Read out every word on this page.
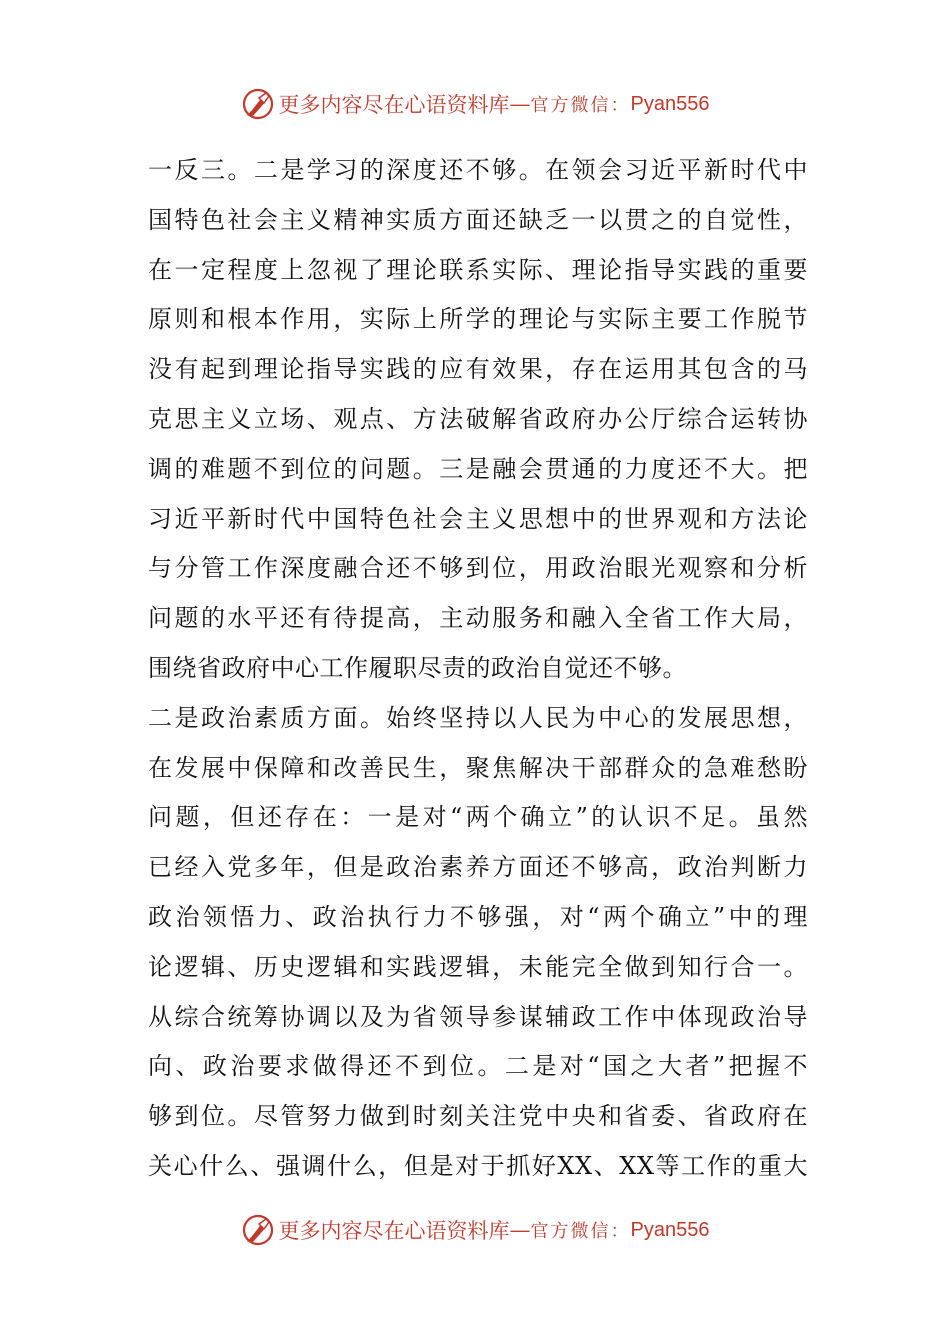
更多内容尽在心语资料库 — 官方微信： Pyan556
一反三。二是学习的深度还不够。在领会习近平新时代中
国特色社会主义精神实质方面还缺乏一以贯之的自觉性，
在一定程度上忽视了理论联系实际、理论指导实践的重要
原则和根本作用，实际上所学的理论与实际主要工作脱节
没有起到理论指导实践的应有效果，存在运用其包含的马
克思主义立场、观点、方法破解省政府办公厅综合运转协
调的难题不到位的问题。三是融会贯通的力度还不大。把
习近平新时代中国特色社会主义思想中的世界观和方法论
与分管工作深度融合还不够到位，用政治眼光观察和分析
问题的水平还有待提高，主动服务和融入全省工作大局，
围绕省政府中心工作履职尽责的政治自觉还不够。
二是政治素质方面。始终坚持以人民为中心的发展思想，
在发展中保障和改善民生，聚焦解决干部群众的急难愁盼
问题，但还存在：一是对“两个确立”的认识不足。虽然
已经入党多年，但是政治素养方面还不够高，政治判断力
政治领悟力、政治执行力不够强，对“两个确立”中的理
论逻辑、历史逻辑和实践逻辑，未能完全做到知行合一。
从综合统筹协调以及为省领导参谋辅政工作中体现政治导
向、政治要求做得还不到位。二是对“国之大者”把握不
够到位。尽管努力做到时刻关注党中央和省委、省政府在
关心什么、强调什么，但是对于抓好XX、XX等工作的重大
更多内容尽在心语资料库 — 官方微信： Pyan556
